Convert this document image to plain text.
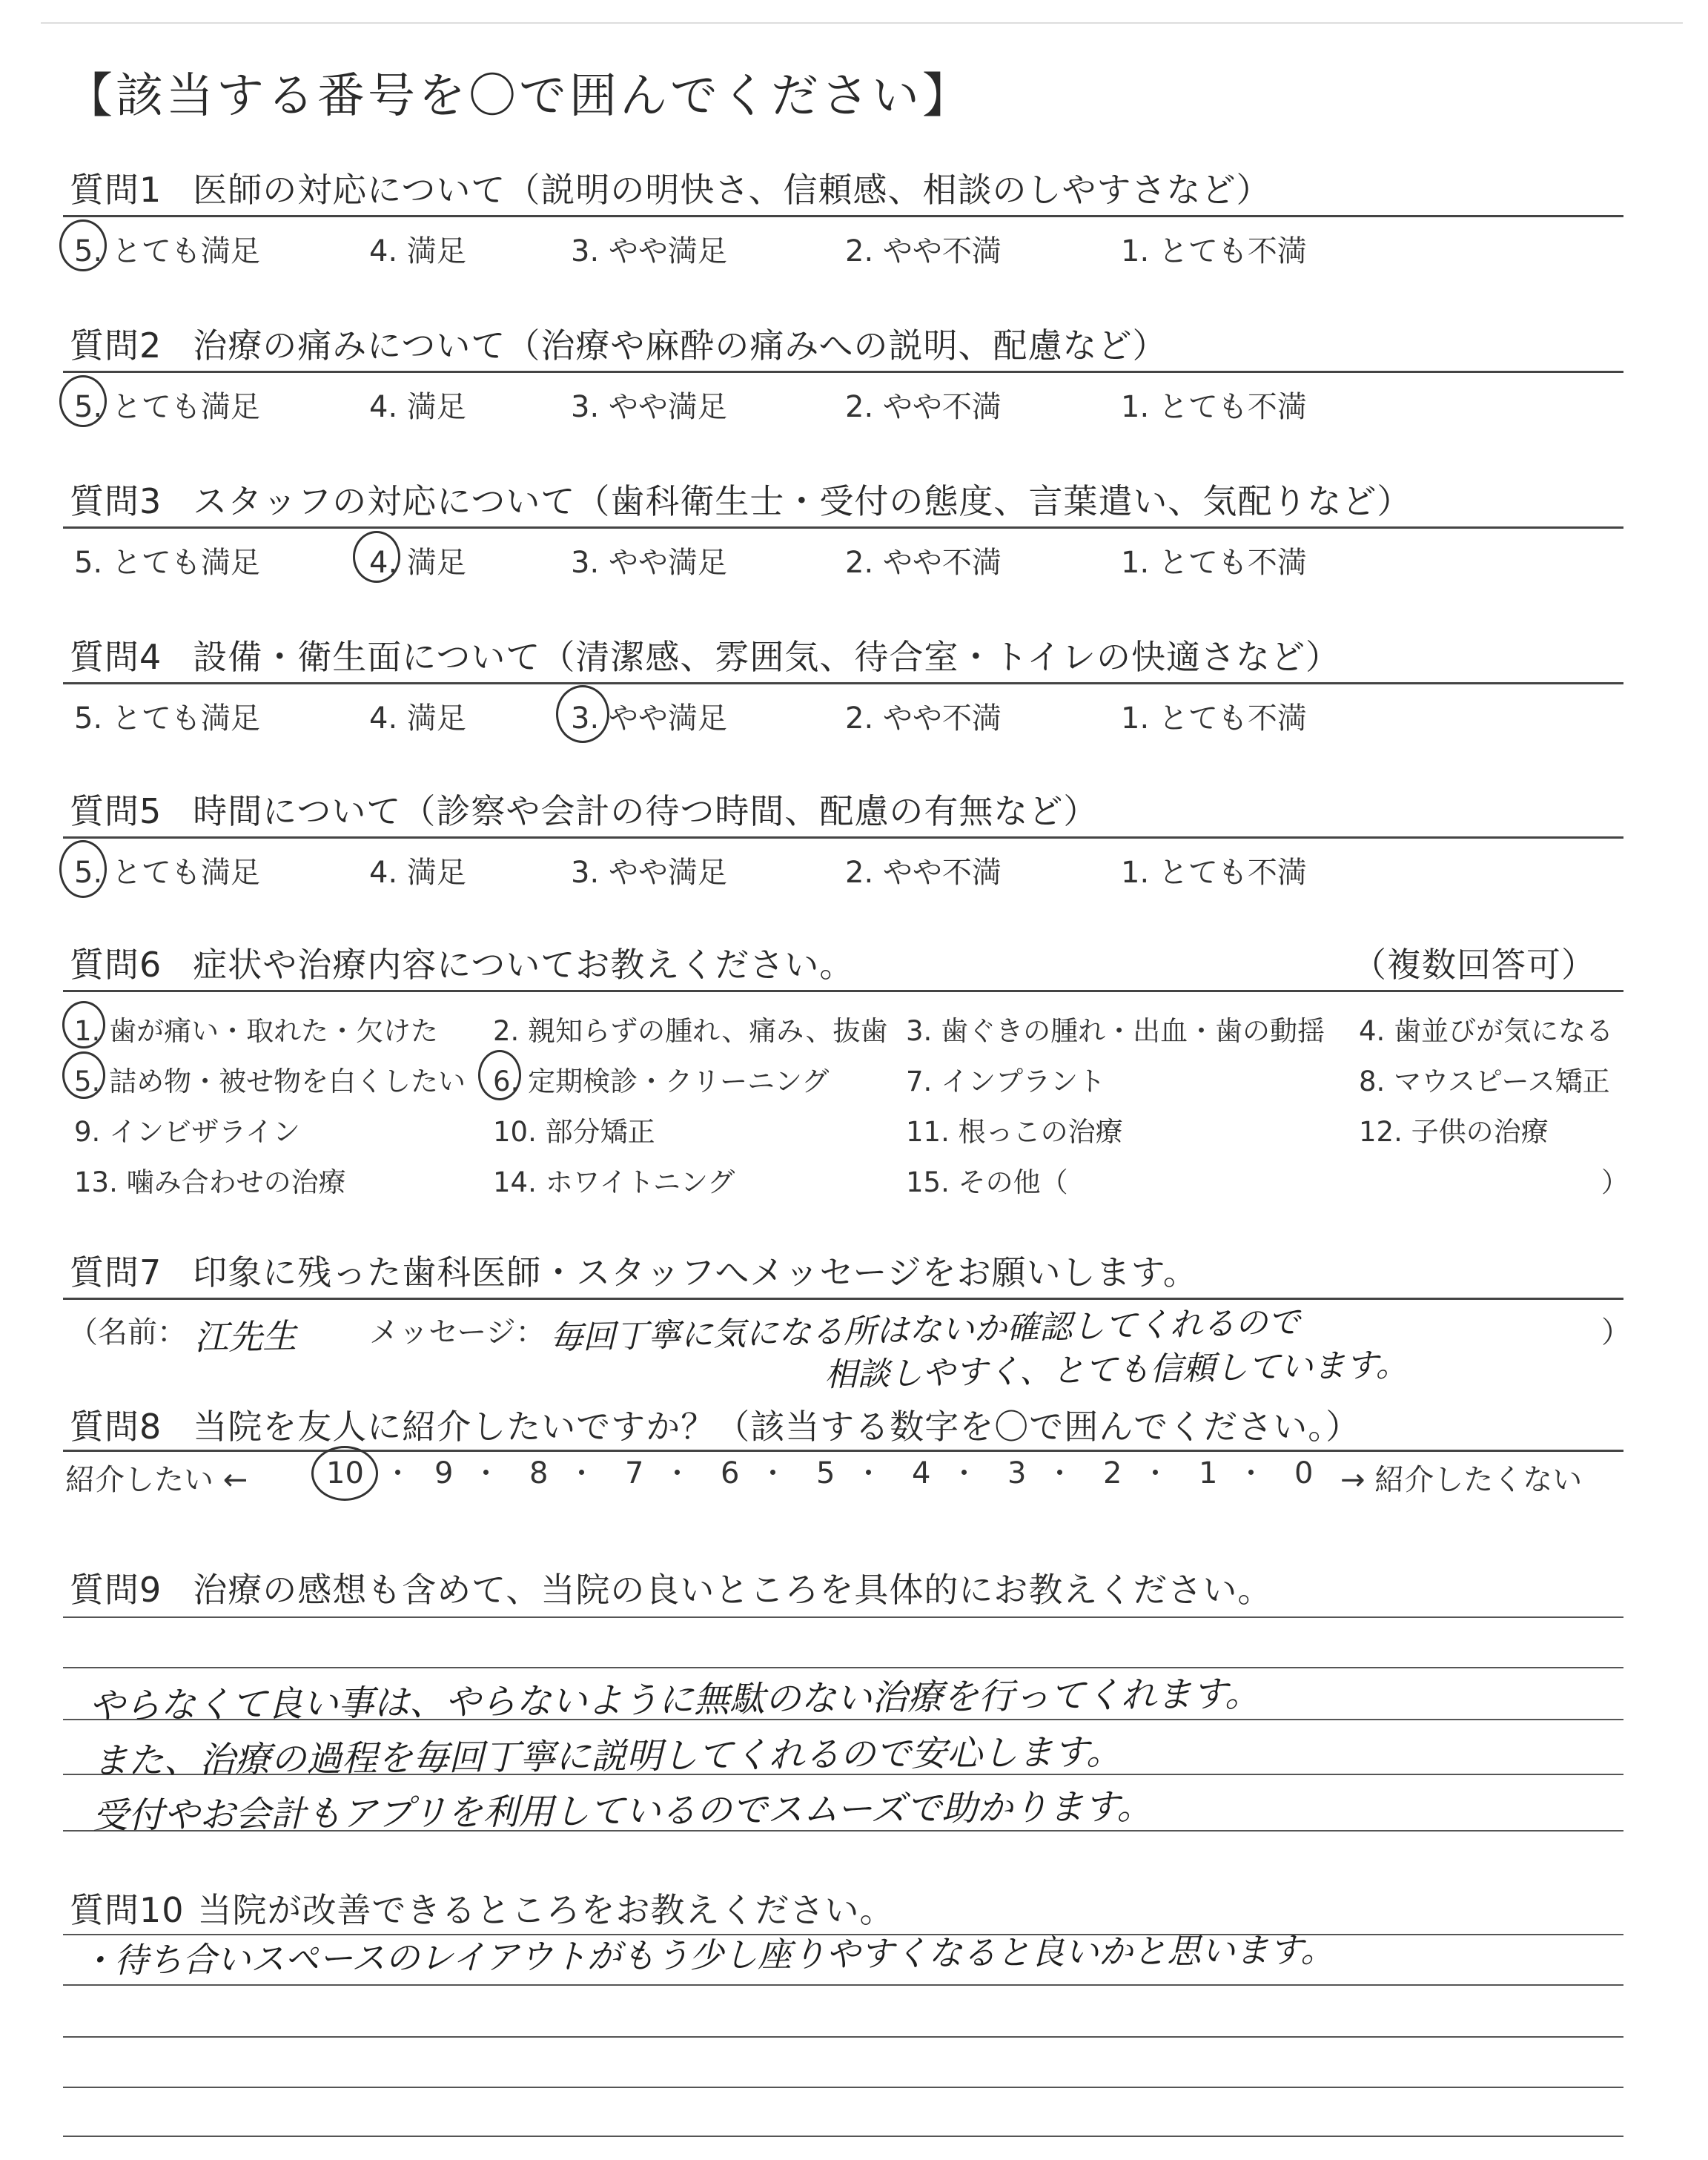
【該当する番号を〇で囲んでください】
質問1 医師の対応について（説明の明快さ、信頼感、相談のしやすさなど）
5. とても満足	4. 満足	3. やや満足	2. やや不満	1. とても不満
質問2 治療の痛みについて（治療や麻酔の痛みへの説明、配慮など）
5. とても満足	4. 満足	3. やや満足	2. やや不満	1. とても不満
質問3 スタッフの対応について（歯科衛生士・受付の態度、言葉遣い、気配りなど）
5. とても満足	4. 満足	3. やや満足	2. やや不満	1. とても不満
質問4 設備・衛生面について（清潔感、雰囲気、待合室・トイレの快適さなど）
5. とても満足	4. 満足	3. やや満足	2. やや不満	1. とても不満
質問5 時間について（診察や会計の待つ時間、配慮の有無など）
5. とても満足	4. 満足	3. やや満足	2. やや不満	1. とても不満
質問6 症状や治療内容についてお教えください。	（複数回答可）
1. 歯が痛い・取れた・欠けた 2. 親知らずの腫れ、痛み、抜歯 3. 歯ぐきの腫れ・出血・歯の動揺 4. 歯並びが気になる
5. 詰め物・被せ物を白くしたい 6. 定期検診・クリーニング	7. インプラント	8. マウスピース矯正
9. インビザライン	10. 部分矯正	11. 根っこの治療	12. 子供の治療
13. 噛み合わせの治療	14. ホワイトニング	15. その他（	）
質問7 印象に残った歯科医師・スタッフへメッセージをお願いします。
（名前： 江先生 メッセージ： 毎回丁寧に気になる所はないか確認してくれるので
相談しやすく、とても信頼しています。
）
質問8 当院を友人に紹介したいですか？（該当する数字を〇で囲んでください。）
紹介したい ←	10 9	8	7	6	5	4	3	2	1	0 → 紹介したくない
質問9 治療の感想も含めて、当院の良いところを具体的にお教えください。
やらなくて良い事は、やらないように無駄のない治療を行ってくれます。
また、治療の過程を毎回丁寧に説明してくれるので安心します。
受付やお会計もアプリを利用しているのでスムーズで助かります。
質問10 当院が改善できるところをお教えください。
・待ち合いスペースのレイアウトがもう少し座りやすくなると良いかと思います。
